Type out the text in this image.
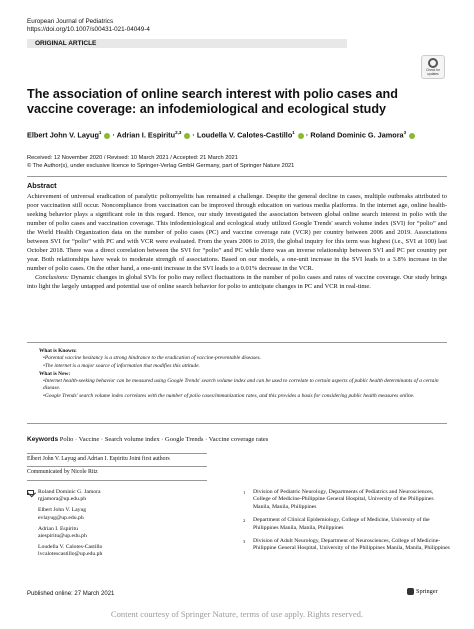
European Journal of Pediatrics
https://doi.org/10.1007/s00431-021-04049-4
ORIGINAL ARTICLE
Check for
updates
The association of online search interest with polio cases and vaccine coverage: an infodemiological and ecological study
Elbert John V. Layug$^1$  · Adrian I. Espiritu$^{2,3}$  · Loudella V. Calotes-Castillo$^1$  · Roland Dominic G. Jamora$^3$
Received: 12 November 2020 / Revised: 10 March 2021 / Accepted: 21 March 2021
© The Author(s), under exclusive licence to Springer-Verlag GmbH Germany, part of Springer Nature 2021
Abstract

Achievement of universal eradication of paralytic poliomyelitis has remained a challenge. Despite the general decline in cases, multiple outbreaks attributed to poor vaccination still occur. Noncompliance from vaccination can be improved through education on various media platforms. In the internet age, online health-seeking behavior plays a significant role in this regard. Hence, our study investigated the association between global online search interest in polio with the number of polio cases and vaccination coverage. This infodemiological and ecological study utilized Google Trends' search volume index (SVI) for “polio” and the World Health Organization data on the number of polio cases (PC) and vaccine coverage rate (VCR) per country between 2006 and 2019. Associations between SVI for “polio” with PC and with VCR were evaluated. From the years 2006 to 2019, the global inquiry for this term was highest (i.e., SVI at 100) last October 2018. There was a direct correlation between the SVI for “polio” and PC while there was an inverse relationship between SVI and PC per country per year. Both relationships have weak to moderate strength of associations. Based on our models, a one-unit increase in the SVI leads to a 3.8% increase in the number of polio cases. On the other hand, a one-unit increase in the SVI leads to a 0.01% decrease in the VCR.

Conclusions: Dynamic changes in global SVIs for polio may reflect fluctuations in the number of polio cases and rates of vaccine coverage. Our study brings into light the largely untapped and potential use of online search behavior for polio to anticipate changes in PC and VCR in real-time.

What is Known:
•Parental vaccine hesitancy is a strong hindrance to the eradication of vaccine-preventable diseases.
•The internet is a major source of information that modifies this attitude.
What is New:
•Internet health-seeking behavior can be measured using Google Trends' search volume index and can be used to correlate to certain aspects of public health determinants of a certain disease.
•Google Trends' search volume index correlates with the number of polio cases/immunization rates, and this provides a basis for considering public health measures online.
Keywords Polio · Vaccine · Search volume index · Google Trends · Vaccine coverage rates
Elbert John V. Layug and Adrian I. Espiritu Joint first authors
Communicated by Nicole Ritz
Roland Dominic G. Jamora
rgjamora@up.edu.ph
Elbert John V. Layug
evlayug@up.edu.ph
Adrian I. Espiritu
aiespiritu@up.edu.ph
Loudella V. Calotes-Castillo
lvcalotescastillo@up.edu.ph
1	Division of Pediatric Neurology, Departments of Pediatrics and Neurosciences, College of Medicine-Philippine General Hospital, University of the Philippines Manila, Manila, Philippines
2	Department of Clinical Epidemiology, College of Medicine, University of the Philippines Manila, Manila, Philippines
3	Division of Adult Neurology, Department of Neurosciences, College of Medicine-Philippine General Hospital, University of the Philippines Manila, Manila, Philippines
Published online: 27 March 2021	Springer
Content courtesy of Springer Nature, terms of use apply. Rights reserved.
